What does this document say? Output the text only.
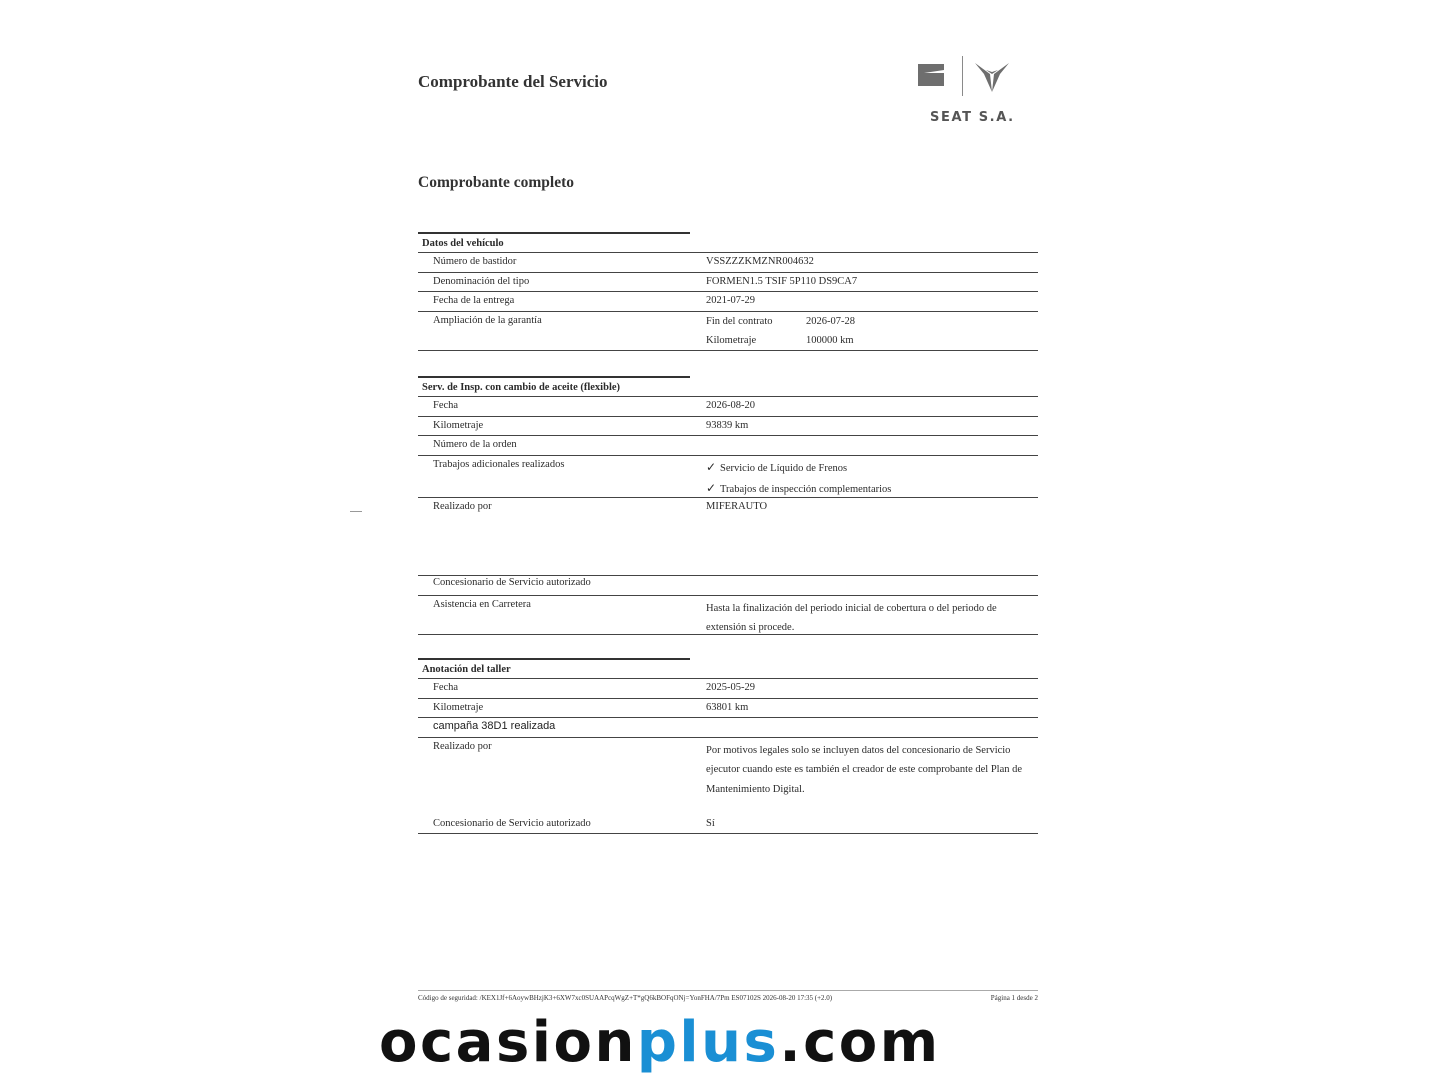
Comprobante del Servicio
SEAT S.A.
Comprobante completo
Datos del vehículo
Número de bastidor	VSSZZZKMZNR004632
Denominación del tipo	FORMEN1.5 TSIF 5P110 DS9CA7
Fecha de la entrega	2021-07-29
Ampliación de la garantía	Fin del contrato	2026-07-28
Kilometraje	100000 km
Serv. de Insp. con cambio de aceite (flexible)
Fecha	2026-08-20
Kilometraje	93839 km
Número de la orden
Trabajos adicionales realizados	✓ Servicio de Líquido de Frenos
✓ Trabajos de inspección complementarios
Realizado por	MIFERAUTO
Concesionario de Servicio autorizado
Asistencia en Carretera	Hasta la finalización del periodo inicial de cobertura o del periodo de extensión si procede.
Anotación del taller
Fecha	2025-05-29
Kilometraje	63801 km
campaña 38D1 realizada
Realizado por	Por motivos legales solo se incluyen datos del concesionario de Servicio ejecutor cuando este es también el creador de este comprobante del Plan de Mantenimiento Digital.
Concesionario de Servicio autorizado	Sí
Código de seguridad: /KEX1Jf+6AoywBHzjK3+6XW7xc0SUAAPcqWgZ+T*gQ6kBOFqONj=YonFHA/7Pm ES07102S 2026-08-20 17:35 (+2.0)	Página 1 desde 2
ocasionplus.com
